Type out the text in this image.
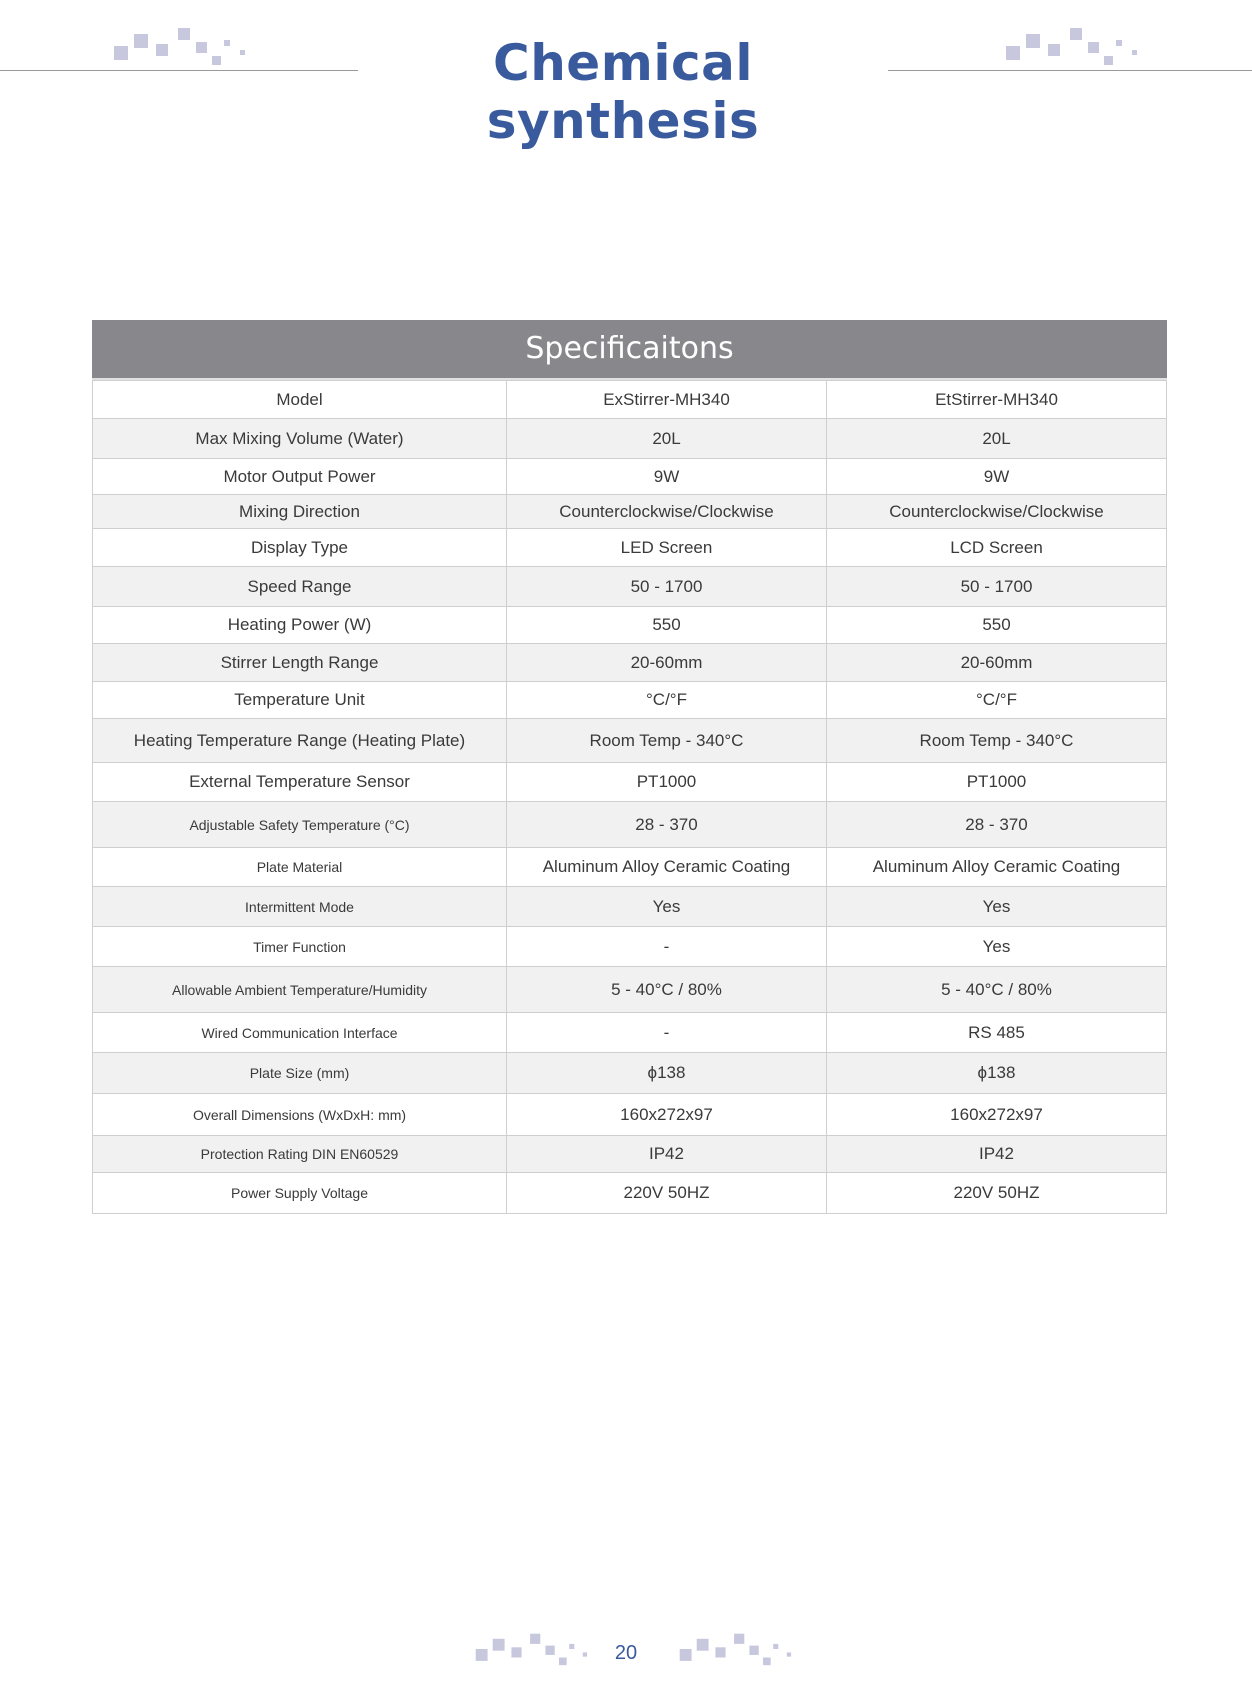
Chemical synthesis
Specificaitons
Model	ExStirrer-MH340	EtStirrer-MH340
Max Mixing Volume (Water)	20L	20L
Motor Output Power	9W	9W
Mixing Direction	Counterclockwise/Clockwise	Counterclockwise/Clockwise
Display Type	LED Screen	LCD Screen
Speed Range	50 - 1700	50 - 1700
Heating Power (W)	550	550
Stirrer Length Range	20-60mm	20-60mm
Temperature Unit	°C/°F	°C/°F
Heating Temperature Range (Heating Plate)	Room Temp - 340°C	Room Temp - 340°C
External Temperature Sensor	PT1000	PT1000
Adjustable Safety Temperature (°C)	28 - 370	28 - 370
Plate Material	Aluminum Alloy Ceramic Coating	Aluminum Alloy Ceramic Coating
Intermittent Mode	Yes	Yes
Timer Function	-	Yes
Allowable Ambient Temperature/Humidity	5 - 40°C / 80%	5 - 40°C / 80%
Wired Communication Interface	-	RS 485
Plate Size (mm)	ϕ138	ϕ138
Overall Dimensions (WxDxH: mm)	160x272x97	160x272x97
Protection Rating DIN EN60529	IP42	IP42
Power Supply Voltage	220V 50HZ	220V 50HZ
20
